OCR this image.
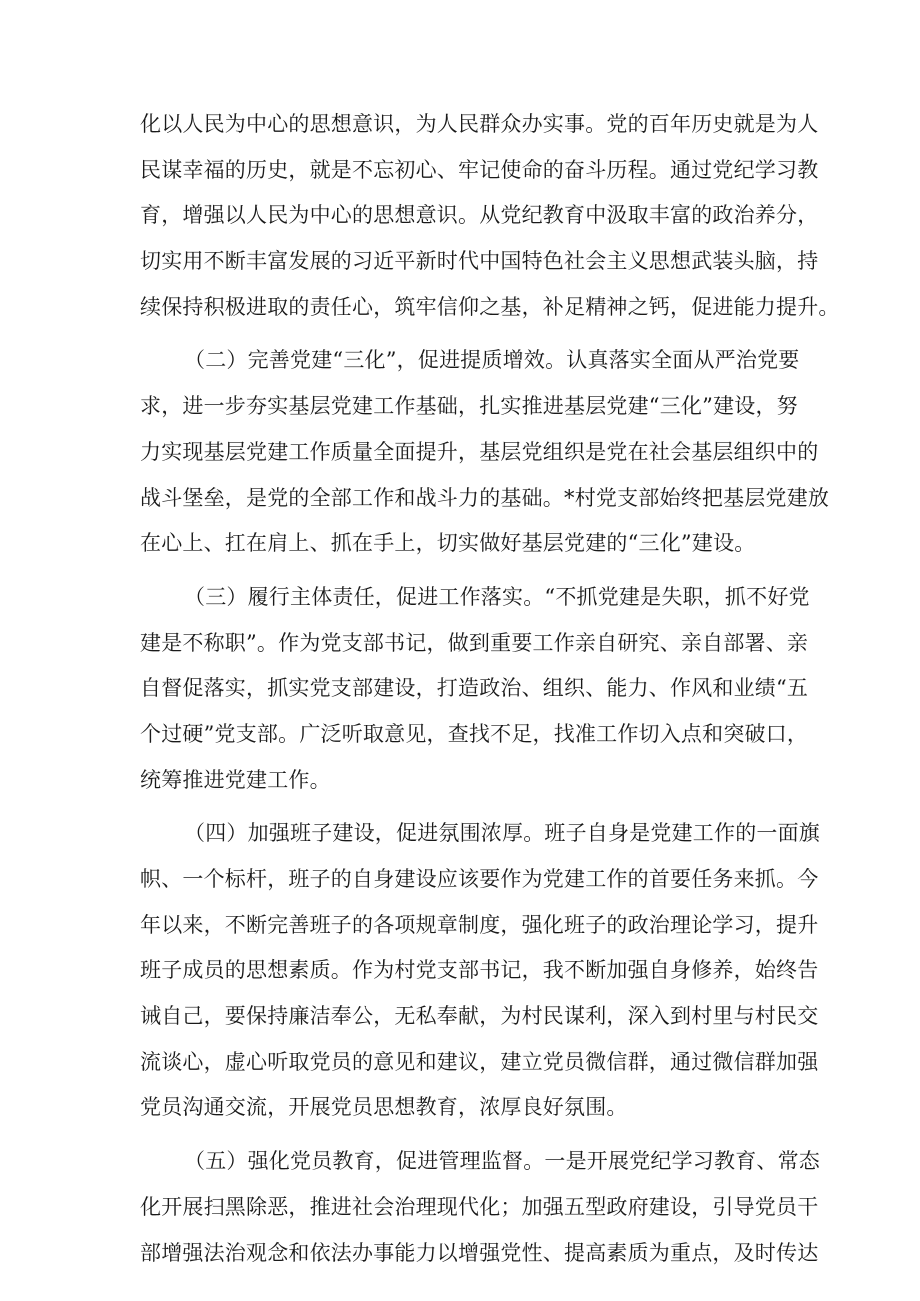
化以人民为中心的思想意识，为人民群众办实事。党的百年历史就是为人
民谋幸福的历史，就是不忘初心、牢记使命的奋斗历程。通过党纪学习教
育，增强以人民为中心的思想意识。从党纪教育中汲取丰富的政治养分，
切实用不断丰富发展的习近平新时代中国特色社会主义思想武装头脑，持
续保持积极进取的责任心，筑牢信仰之基，补足精神之钙，促进能力提升。
（二）完善党建“三化”，促进提质增效。认真落实全面从严治党要
求，进一步夯实基层党建工作基础，扎实推进基层党建“三化”建设，努
力实现基层党建工作质量全面提升，基层党组织是党在社会基层组织中的
战斗堡垒，是党的全部工作和战斗力的基础。*村党支部始终把基层党建放
在心上、扛在肩上、抓在手上，切实做好基层党建的“三化”建设。
（三）履行主体责任，促进工作落实。“不抓党建是失职，抓不好党
建是不称职”。作为党支部书记，做到重要工作亲自研究、亲自部署、亲
自督促落实，抓实党支部建设，打造政治、组织、能力、作风和业绩“五
个过硬”党支部。广泛听取意见，查找不足，找准工作切入点和突破口，
统筹推进党建工作。
（四）加强班子建设，促进氛围浓厚。班子自身是党建工作的一面旗
帜、一个标杆，班子的自身建设应该要作为党建工作的首要任务来抓。今
年以来，不断完善班子的各项规章制度，强化班子的政治理论学习，提升
班子成员的思想素质。作为村党支部书记，我不断加强自身修养，始终告
诫自己，要保持廉洁奉公，无私奉献，为村民谋利，深入到村里与村民交
流谈心，虚心听取党员的意见和建议，建立党员微信群，通过微信群加强
党员沟通交流，开展党员思想教育，浓厚良好氛围。
（五）强化党员教育，促进管理监督。一是开展党纪学习教育、常态
化开展扫黑除恶，推进社会治理现代化；加强五型政府建设，引导党员干
部增强法治观念和依法办事能力以增强党性、提高素质为重点，及时传达
